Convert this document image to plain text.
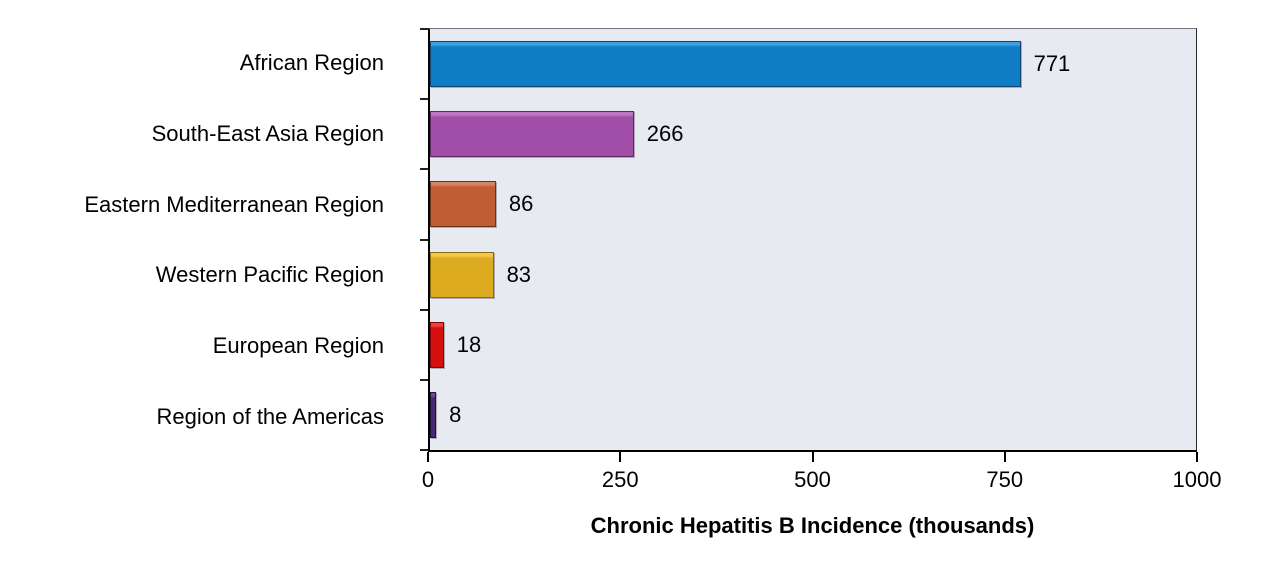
African Region
South-East Asia Region
Eastern Mediterranean Region
Western Pacific Region
European Region
Region of the Americas
771
266
86
83
18
8
0	250	500	750	1000
Chronic Hepatitis B Incidence (thousands)
